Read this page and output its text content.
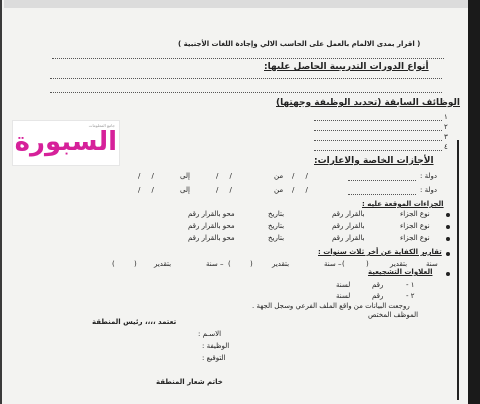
( اقرار بمدى الالمام بالعمل على الحاسب الالي وإجادة اللغات الأجنبية )
أنواع الدورات التدريبية الحاصل عليها:
الوظائف السابقة (تحديد الوظيفة وجهتها)
١
٢
٣
٤
الأجازات الخاصة والاعارات:
دولة :
/     /
من
/     /
إلى
/     /
دولة :
/     /
من
/     /
إلى
/     /
الجزاءات الموقعة عليه :
نوع الجزاء
بالقرار رقم
بتاريخ
محو بالقرار رقم
نوع الجزاء
بالقرار رقم
بتاريخ
محو بالقرار رقم
نوع الجزاء
بالقرار رقم
بتاريخ
محو بالقرار رقم
تقارير الكفاية عن أخر ثلاث سنوات :
سنة
بتقدير
(
)
– سنة
بتقدير
(
)
– سنة
بتقدير
(
)
العلاوات التشجيعية
١ -
رقم
لسنة
٢ -
رقم
لسنة
روجعت البيانات من واقع الملف الفرعي وسجل الجهة .
الموظف المختص
تعتمد ،،،، رئيس المنطقة
الاسـم :
الوظيفة :
التوقيع :
خاتم شعار المنطقة
جامع المعلومات
السبورة
